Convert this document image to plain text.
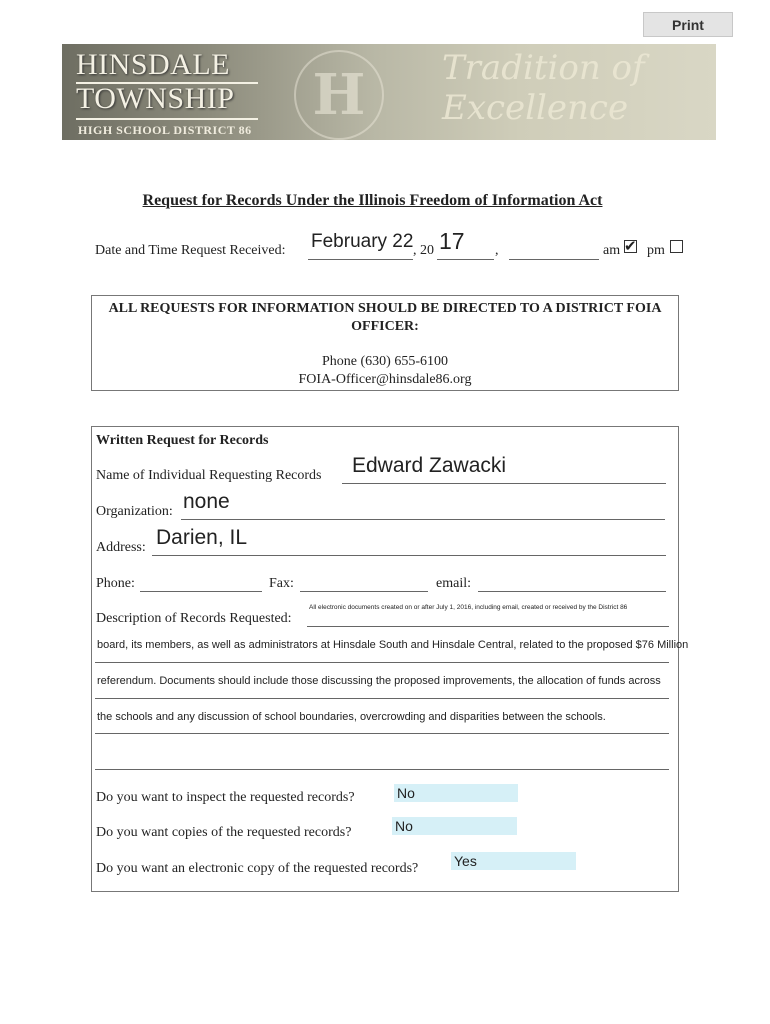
Print
H	Tradition of Excellence
HINSDALE
TOWNSHIP
HIGH SCHOOL DISTRICT 86
Request for Records Under the Illinois Freedom of Information Act
Date and Time Request Received: February 22 , 20 17 ,	am ✔ pm
ALL REQUESTS FOR INFORMATION SHOULD BE DIRECTED TO A DISTRICT FOIA OFFICER:
Phone (630) 655-6100
FOIA-Officer@hinsdale86.org
Written Request for Records
Name of Individual Requesting Records Edward Zawacki
Organization: none
Address: Darien, IL
Phone:	Fax:	email:
Description of Records Requested:
All electronic documents created on or after July 1, 2016, including email, created or received by the District 86
board, its members, as well as administrators at Hinsdale South and Hinsdale Central, related to the proposed $76 Million
referendum. Documents should include those discussing the proposed improvements, the allocation of funds across
the schools and any discussion of school boundaries, overcrowding and disparities between the schools.
Do you want to inspect the requested records?	No
Do you want copies of the requested records?	No
Do you want an electronic copy of the requested records?	Yes
